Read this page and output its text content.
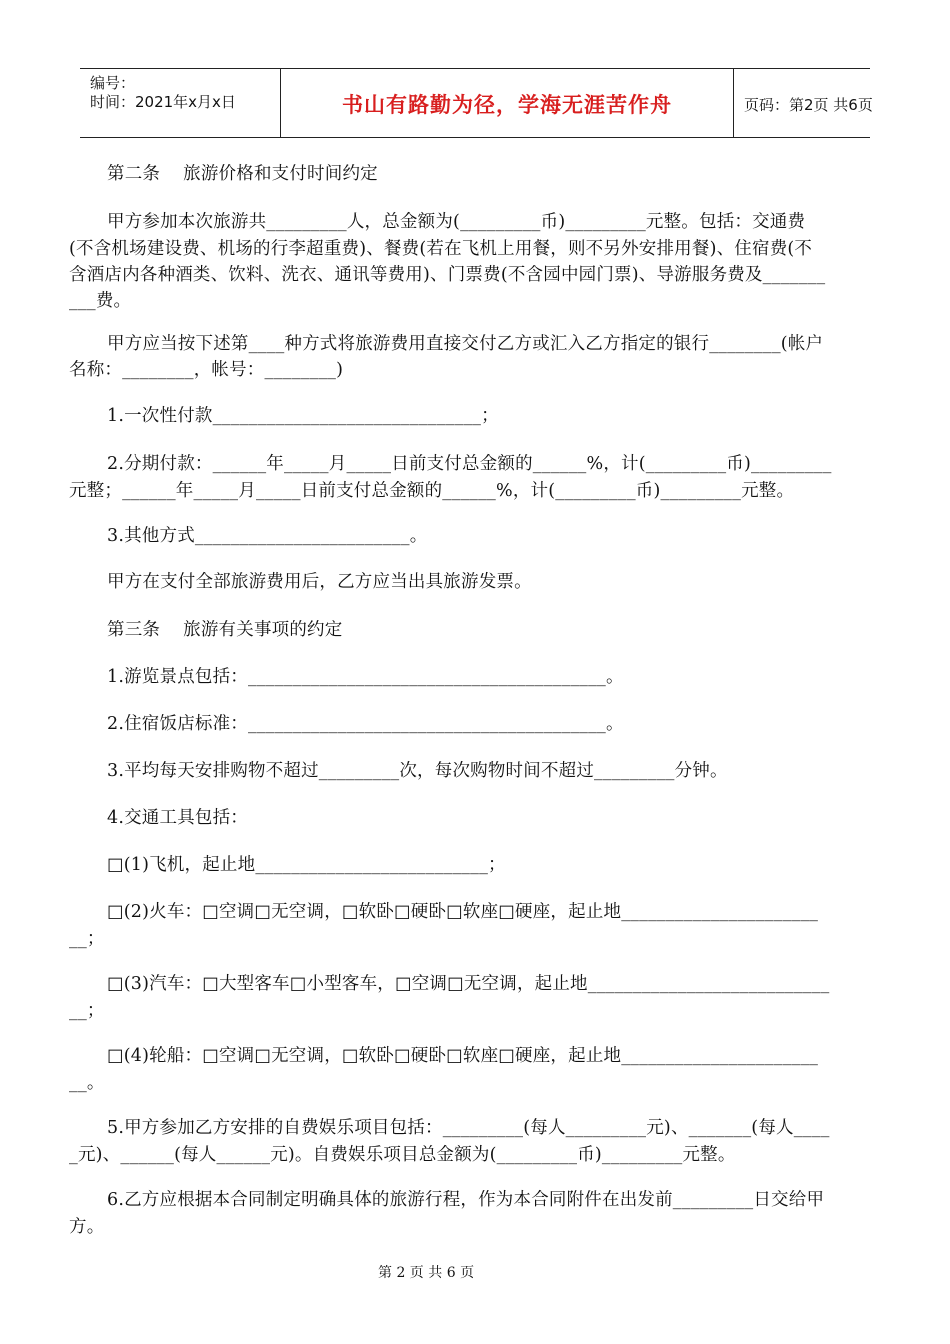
编号：
时间：2021年x月x日	书山有路勤为径，学海无涯苦作舟	页码：第2页 共6页
第二条    旅游价格和支付时间约定
甲方参加本次旅游共_________人，总金额为(_________币)_________元整。包括：交通费
(不含机场建设费、机场的行李超重费)、餐费(若在飞机上用餐，则不另外安排用餐)、住宿费(不
含酒店内各种酒类、饮料、洗衣、通讯等费用)、门票费(不含园中园门票)、导游服务费及_______
___费。
甲方应当按下述第____种方式将旅游费用直接交付乙方或汇入乙方指定的银行________(帐户
名称：________，帐号：________)
1.一次性付款______________________________；
2.分期付款：______年_____月_____日前支付总金额的______%，计(_________币)_________
元整；______年_____月_____日前支付总金额的______%，计(_________币)_________元整。
3.其他方式________________________。
甲方在支付全部旅游费用后，乙方应当出具旅游发票。
第三条    旅游有关事项的约定
1.游览景点包括：________________________________________。
2.住宿饭店标准：________________________________________。
3.平均每天安排购物不超过_________次，每次购物时间不超过_________分钟。
4.交通工具包括：
□(1)飞机，起止地__________________________；
□(2)火车：□空调□无空调，□软卧□硬卧□软座□硬座，起止地______________________
__；
□(3)汽车：□大型客车□小型客车，□空调□无空调，起止地___________________________
__；
□(4)轮船：□空调□无空调，□软卧□硬卧□软座□硬座，起止地______________________
__。
5.甲方参加乙方安排的自费娱乐项目包括：_________(每人_________元)、_______(每人____
_元)、______(每人______元)。自费娱乐项目总金额为(_________币)_________元整。
6.乙方应根据本合同制定明确具体的旅游行程，作为本合同附件在出发前_________日交给甲
方。
第 2 页 共 6 页
